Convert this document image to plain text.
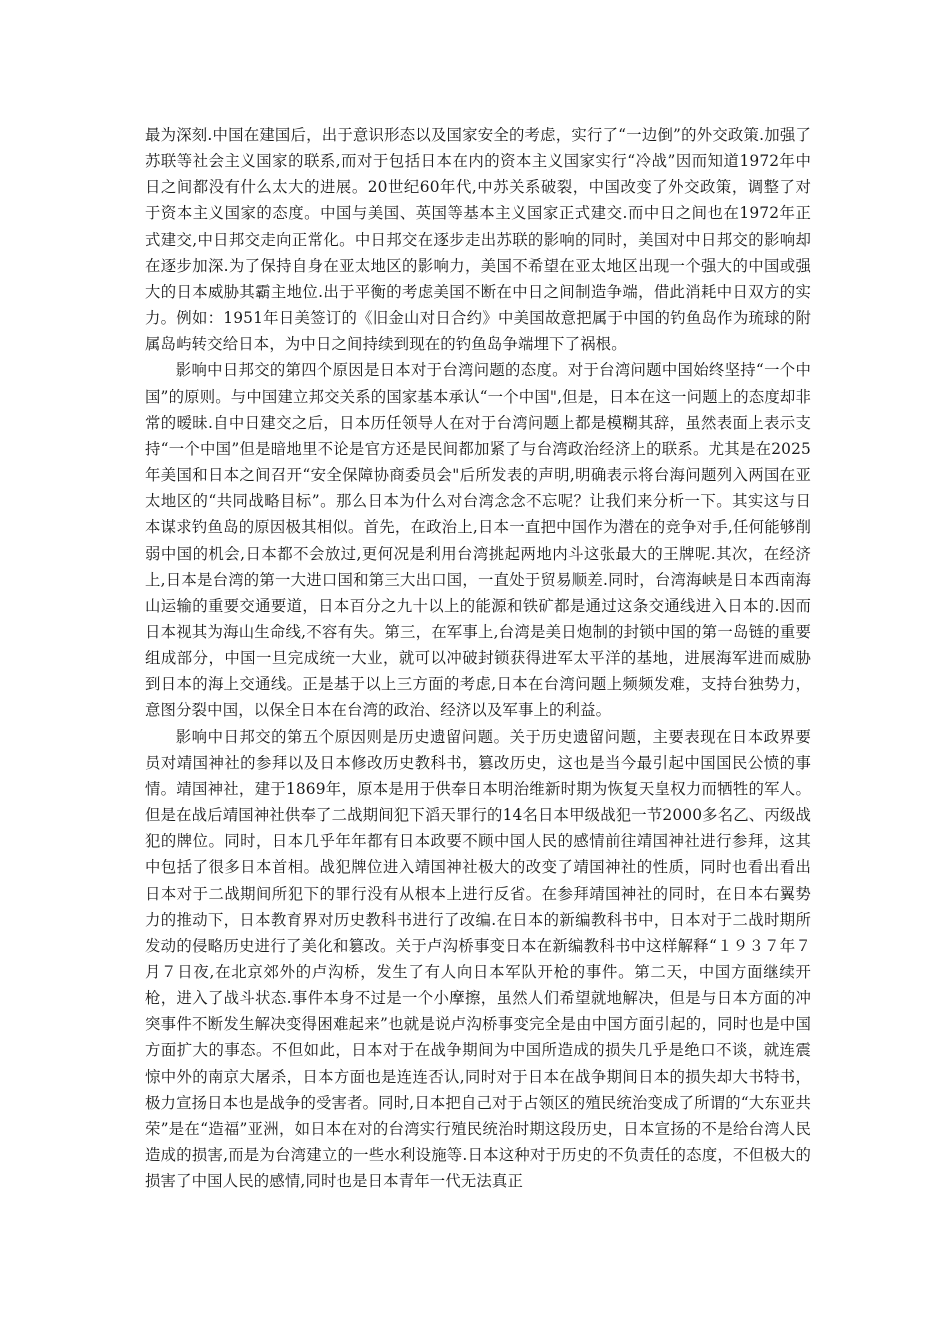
最为深刻.中国在建国后，出于意识形态以及国家安全的考虑，实行了“一边倒”的外交政策.加强了苏联等社会主义国家的联系,而对于包括日本在内的资本主义国家实行“冷战”因而知道1972年中日之间都没有什么太大的进展。20世纪60年代,中苏关系破裂，中国改变了外交政策，调整了对于资本主义国家的态度。中国与美国、英国等基本主义国家正式建交.而中日之间也在1972年正式建交,中日邦交走向正常化。中日邦交在逐步走出苏联的影响的同时，美国对中日邦交的影响却在逐步加深.为了保持自身在亚太地区的影响力，美国不希望在亚太地区出现一个强大的中国或强大的日本威胁其霸主地位.出于平衡的考虑美国不断在中日之间制造争端，借此消耗中日双方的实力。例如：1951年日美签订的《旧金山对日合约》中美国故意把属于中国的钓鱼岛作为琉球的附属岛屿转交给日本，为中日之间持续到现在的钓鱼岛争端埋下了祸根。

影响中日邦交的第四个原因是日本对于台湾问题的态度。对于台湾问题中国始终坚持“一个中国”的原则。与中国建立邦交关系的国家基本承认“一个中国",但是，日本在这一问题上的态度却非常的暧昧.自中日建交之后，日本历任领导人在对于台湾问题上都是模糊其辞，虽然表面上表示支持“一个中国”但是暗地里不论是官方还是民间都加紧了与台湾政治经济上的联系。尤其是在2025年美国和日本之间召开“安全保障协商委员会"后所发表的声明,明确表示将台海问题列入两国在亚太地区的“共同战略目标”。那么日本为什么对台湾念念不忘呢？让我们来分析一下。其实这与日本谋求钓鱼岛的原因极其相似。首先，在政治上,日本一直把中国作为潜在的竞争对手,任何能够削弱中国的机会,日本都不会放过,更何况是利用台湾挑起两地内斗这张最大的王牌呢.其次，在经济上,日本是台湾的第一大进口国和第三大出口国，一直处于贸易顺差.同时，台湾海峡是日本西南海山运输的重要交通要道，日本百分之九十以上的能源和铁矿都是通过这条交通线进入日本的.因而日本视其为海山生命线,不容有失。第三，在军事上,台湾是美日炮制的封锁中国的第一岛链的重要组成部分，中国一旦完成统一大业，就可以冲破封锁获得进军太平洋的基地，进展海军进而威胁到日本的海上交通线。正是基于以上三方面的考虑,日本在台湾问题上频频发难，支持台独势力，意图分裂中国，以保全日本在台湾的政治、经济以及军事上的利益。

影响中日邦交的第五个原因则是历史遗留问题。关于历史遗留问题，主要表现在日本政界要员对靖国神社的参拜以及日本修改历史教科书，篡改历史，这也是当今最引起中国国民公愤的事情。靖国神社，建于1869年，原本是用于供奉日本明治维新时期为恢复天皇权力而牺牲的军人。但是在战后靖国神社供奉了二战期间犯下滔天罪行的14名日本甲级战犯一节2000多名乙、丙级战犯的牌位。同时，日本几乎年年都有日本政要不顾中国人民的感情前往靖国神社进行参拜，这其中包括了很多日本首相。战犯牌位进入靖国神社极大的改变了靖国神社的性质，同时也看出看出日本对于二战期间所犯下的罪行没有从根本上进行反省。在参拜靖国神社的同时，在日本右翼势力的推动下，日本教育界对历史教科书进行了改编.在日本的新编教科书中，日本对于二战时期所发动的侵略历史进行了美化和篡改。关于卢沟桥事变日本在新编教科书中这样解释“１９３７年７月７日夜,在北京郊外的卢沟桥，发生了有人向日本军队开枪的事件。第二天，中国方面继续开枪，进入了战斗状态.事件本身不过是一个小摩擦，虽然人们希望就地解决，但是与日本方面的冲突事件不断发生解决变得困难起来”也就是说卢沟桥事变完全是由中国方面引起的，同时也是中国方面扩大的事态。不但如此，日本对于在战争期间为中国所造成的损失几乎是绝口不谈，就连震惊中外的南京大屠杀，日本方面也是连连否认,同时对于日本在战争期间日本的损失却大书特书，极力宣扬日本也是战争的受害者。同时,日本把自己对于占领区的殖民统治变成了所谓的“大东亚共荣”是在“造福”亚洲，如日本在对的台湾实行殖民统治时期这段历史，日本宣扬的不是给台湾人民造成的损害,而是为台湾建立的一些水利设施等.日本这种对于历史的不负责任的态度，不但极大的损害了中国人民的感情,同时也是日本青年一代无法真正
